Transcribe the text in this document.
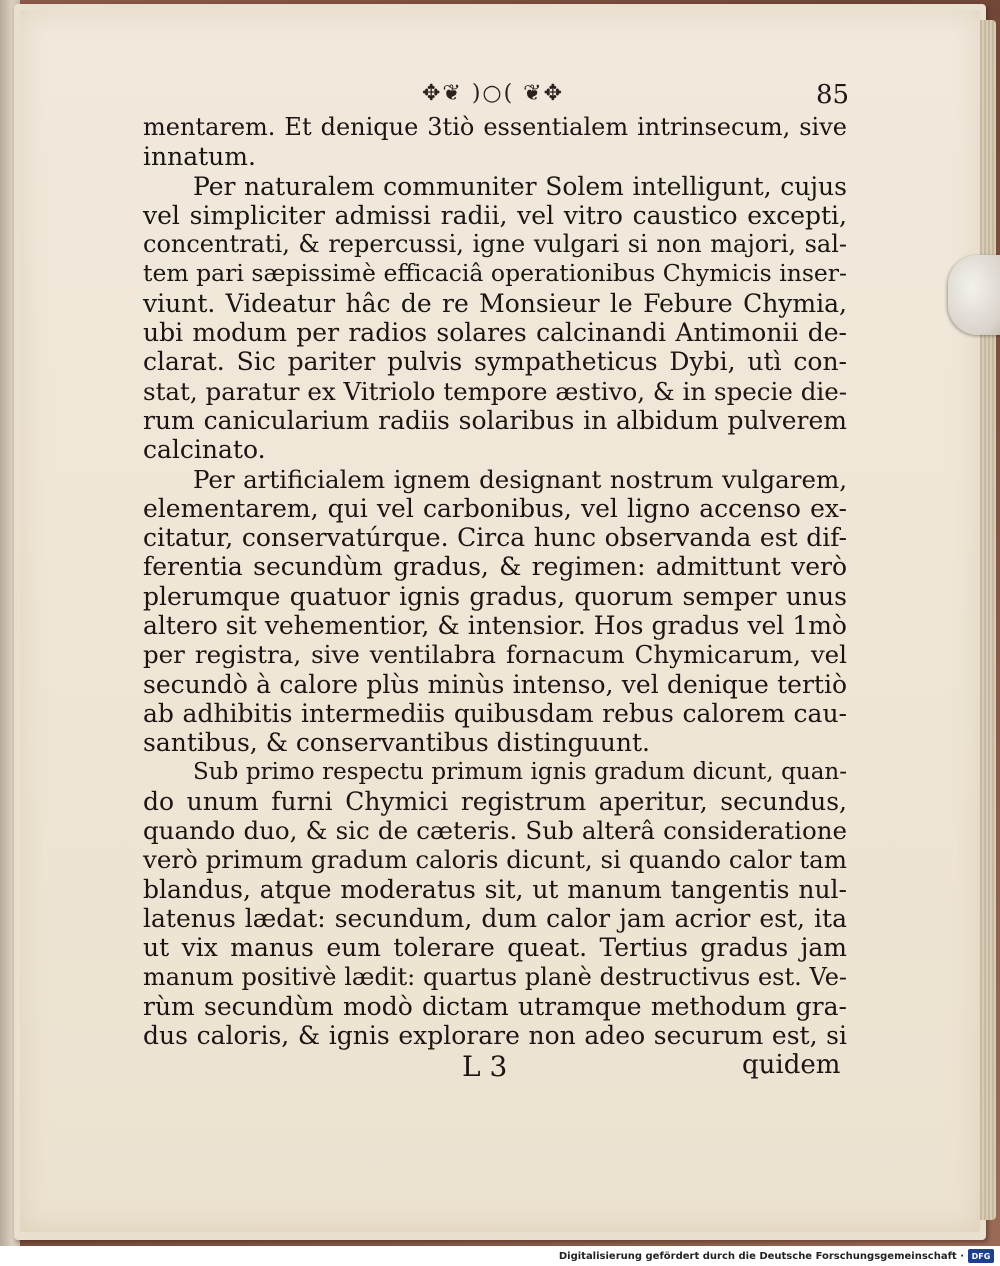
✥❦ )○( ❦✥	85
mentarem. Et denique 3tiò essentialem intrinsecum, sive
innatum.
Per naturalem communiter Solem intelligunt, cujus
vel simpliciter admissi radii, vel vitro caustico excepti,
concentrati, & repercussi, igne vulgari si non majori, sal-
tem pari sæpissimè efficaciâ operationibus Chymicis inser-
viunt. Videatur hâc de re Monsieur le Febure Chymia,
ubi modum per radios solares calcinandi Antimonii de-
clarat. Sic pariter pulvis sympatheticus Dybi, utì con-
stat, paratur ex Vitriolo tempore æstivo, & in specie die-
rum canicularium radiis solaribus in albidum pulverem
calcinato.
Per artificialem ignem designant nostrum vulgarem,
elementarem, qui vel carbonibus, vel ligno accenso ex-
citatur, conservatúrque. Circa hunc observanda est dif-
ferentia secundùm gradus, & regimen: admittunt verò
plerumque quatuor ignis gradus, quorum semper unus
altero sit vehementior, & intensior. Hos gradus vel 1mò
per registra, sive ventilabra fornacum Chymicarum, vel
secundò à calore plùs minùs intenso, vel denique tertiò
ab adhibitis intermediis quibusdam rebus calorem cau-
santibus, & conservantibus distinguunt.
Sub primo respectu primum ignis gradum dicunt, quan-
do unum furni Chymici registrum aperitur, secundus,
quando duo, & sic de cæteris. Sub alterâ consideratione
verò primum gradum caloris dicunt, si quando calor tam
blandus, atque moderatus sit, ut manum tangentis nul-
latenus lædat: secundum, dum calor jam acrior est, ita
ut vix manus eum tolerare queat. Tertius gradus jam
manum positivè lædit: quartus planè destructivus est. Ve-
rùm secundùm modò dictam utramque methodum gra-
dus caloris, & ignis explorare non adeo securum est, si
L 3	quidem
Digitalisierung gefördert durch die Deutsche Forschungsgemeinschaft · DFG
